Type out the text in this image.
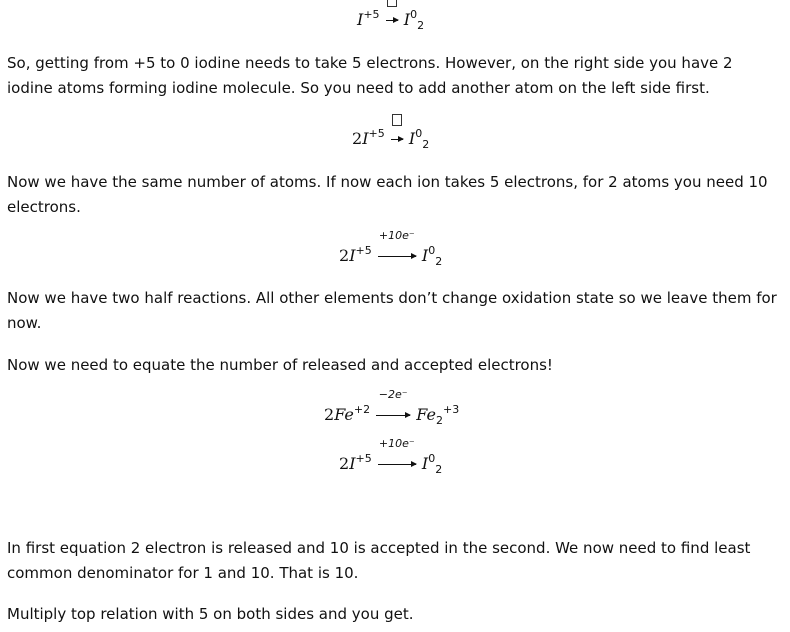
$I^{+5}$ $I^0_2$

So, getting from +5 to 0 iodine needs to take 5 electrons. However, on the right side you have 2 iodine atoms forming iodine molecule. So you need to add another atom on the left side first.

$2I^{+5}$ $I^0_2$

Now we have the same number of atoms. If now each ion takes 5 electrons, for 2 atoms you need 10 electrons.

$2I^{+5}$
+10e⁻
$I^0_2$

Now we have two half reactions. All other elements don’t change oxidation state so we leave them for now.

Now we need to equate the number of released and accepted electrons!

$2Fe^{+2}$
−2e⁻
$Fe_2^{+3}$
$2I^{+5}$
+10e⁻
$I^0_2$

In first equation 2 electron is released and 10 is accepted in the second. We now need to find least common denominator for 1 and 10. That is 10.

Multiply top relation with 5 on both sides and you get.
